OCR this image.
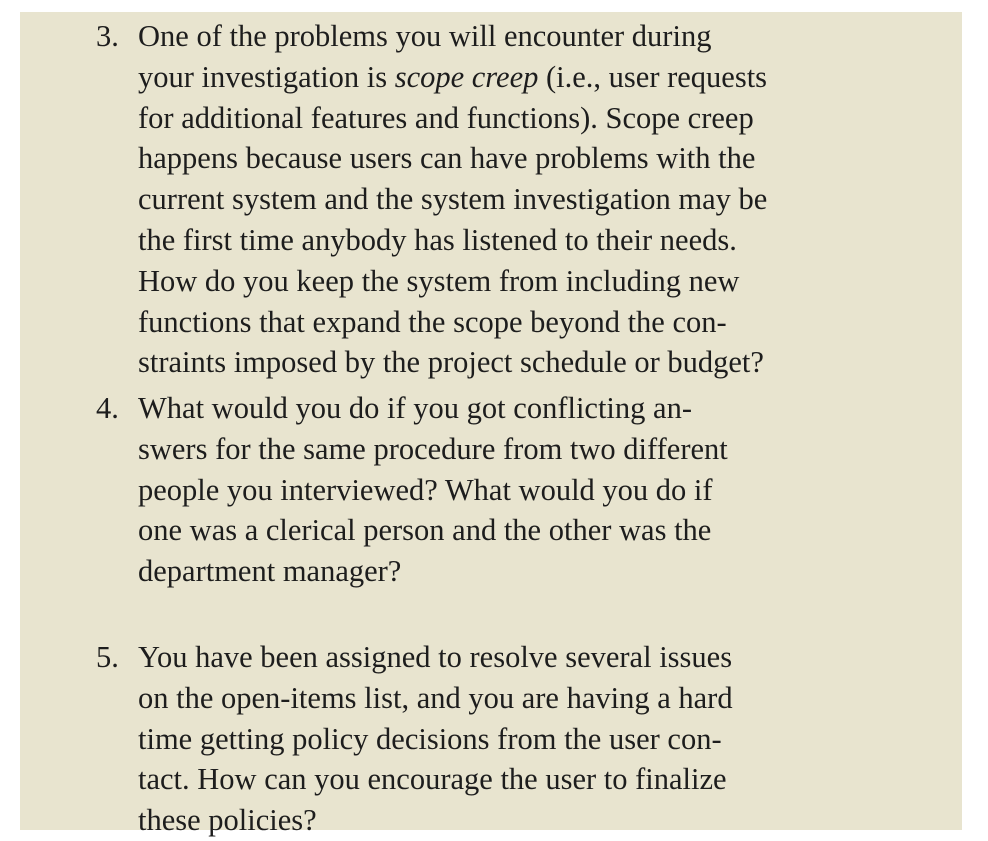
3. One of the problems you will encounter during
your investigation is scope creep (i.e., user requests
for additional features and functions). Scope creep
happens because users can have problems with the
current system and the system investigation may be
the first time anybody has listened to their needs.
How do you keep the system from including new
functions that expand the scope beyond the con-
straints imposed by the project schedule or budget?
4. What would you do if you got conflicting an-
swers for the same procedure from two different
people you interviewed? What would you do if
one was a clerical person and the other was the
department manager?
5. You have been assigned to resolve several issues
on the open-items list, and you are having a hard
time getting policy decisions from the user con-
tact. How can you encourage the user to finalize
these policies?
